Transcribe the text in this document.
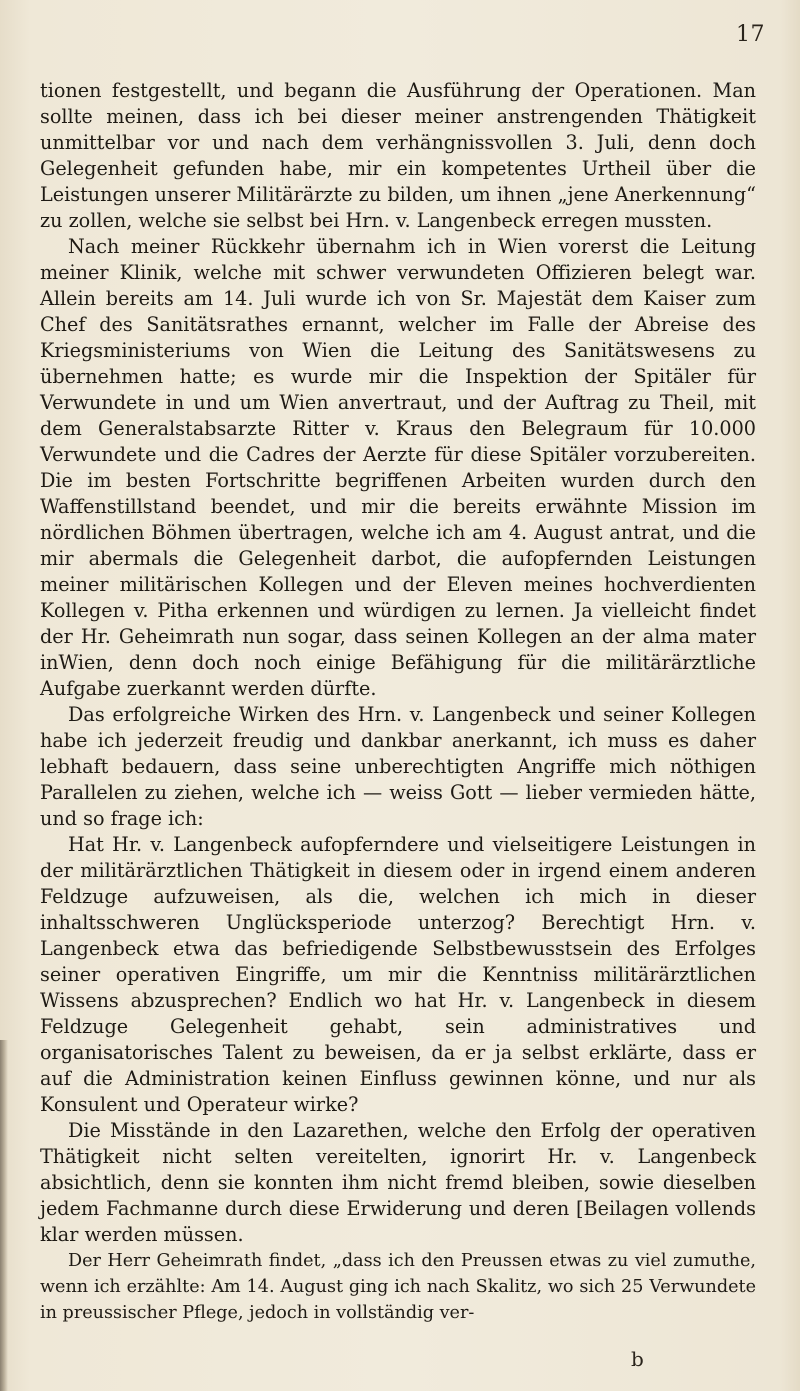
17

tionen festgestellt, und begann die Ausführung der Operationen. Man sollte meinen, dass ich bei dieser meiner anstrengenden Thätigkeit unmittelbar vor und nach dem verhängnissvollen 3. Juli, denn doch Gelegenheit gefunden habe, mir ein kompetentes Urtheil über die Leistungen unserer Militärärzte zu bilden, um ihnen „jene Anerkennung“ zu zollen, welche sie selbst bei Hrn. v. Langenbeck erregen mussten.

Nach meiner Rückkehr übernahm ich in Wien vorerst die Leitung meiner Klinik, welche mit schwer verwundeten Offizieren belegt war. Allein bereits am 14. Juli wurde ich von Sr. Majestät dem Kaiser zum Chef des Sanitätsrathes ernannt, welcher im Falle der Abreise des Kriegsministeriums von Wien die Leitung des Sanitätswesens zu übernehmen hatte; es wurde mir die Inspektion der Spitäler für Verwundete in und um Wien anvertraut, und der Auftrag zu Theil, mit dem Generalstabsarzte Ritter v. Kraus den Belegraum für 10.000 Verwundete und die Cadres der Aerzte für diese Spitäler vorzubereiten. Die im besten Fortschritte begriffenen Arbeiten wurden durch den Waffenstillstand beendet, und mir die bereits erwähnte Mission im nördlichen Böhmen übertragen, welche ich am 4. August antrat, und die mir abermals die Gelegenheit darbot, die aufopfernden Leistungen meiner militärischen Kollegen und der Eleven meines hochverdienten Kollegen v. Pitha erkennen und würdigen zu lernen. Ja vielleicht findet der Hr. Geheimrath nun sogar, dass seinen Kollegen an der alma mater inWien, denn doch noch einige Befähigung für die militärärztliche Aufgabe zuerkannt werden dürfte.

Das erfolgreiche Wirken des Hrn. v. Langenbeck und seiner Kollegen habe ich jederzeit freudig und dankbar anerkannt, ich muss es daher lebhaft bedauern, dass seine unberechtigten Angriffe mich nöthigen Parallelen zu ziehen, welche ich — weiss Gott — lieber vermieden hätte, und so frage ich:

Hat Hr. v. Langenbeck aufopferndere und vielseitigere Leistungen in der militärärztlichen Thätigkeit in diesem oder in irgend einem anderen Feldzuge aufzuweisen, als die, welchen ich mich in dieser inhaltsschweren Unglücksperiode unterzog? Berechtigt Hrn. v. Langenbeck etwa das befriedigende Selbstbewusstsein des Erfolges seiner operativen Eingriffe, um mir die Kenntniss militärärztlichen Wissens abzusprechen? Endlich wo hat Hr. v. Langenbeck in diesem Feldzuge Gelegenheit gehabt, sein administratives und organisatorisches Talent zu beweisen, da er ja selbst erklärte, dass er auf die Administration keinen Einfluss gewinnen könne, und nur als Konsulent und Operateur wirke?

Die Misstände in den Lazarethen, welche den Erfolg der operativen Thätigkeit nicht selten vereitelten, ignorirt Hr. v. Langenbeck absichtlich, denn sie konnten ihm nicht fremd bleiben, sowie dieselben jedem Fachmanne durch diese Erwiderung und deren [Beilagen vollends klar werden müssen.

Der Herr Geheimrath findet, „dass ich den Preussen etwas zu viel zumuthe, wenn ich erzählte: Am 14. August ging ich nach Skalitz, wo sich 25 Verwundete in preussischer Pflege, jedoch in vollständig ver-

b
